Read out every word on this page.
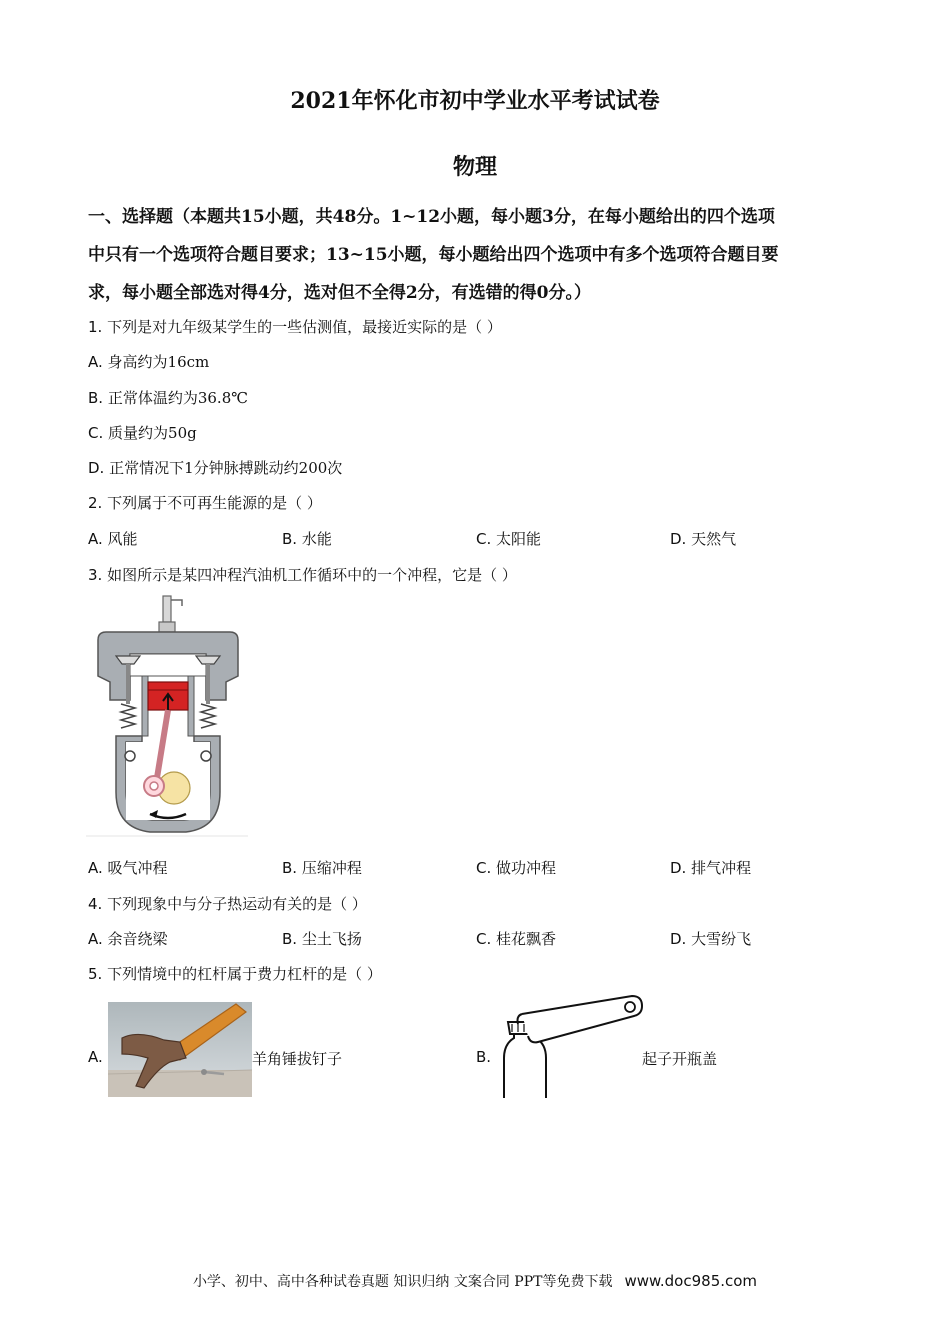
2021年怀化市初中学业水平考试试卷
物理
一、选择题（本题共15小题，共48分。1~12小题，每小题3分，在每小题给出的四个选项
中只有一个选项符合题目要求；13~15小题，每小题给出四个选项中有多个选项符合题目要
求，每小题全部选对得4分，选对但不全得2分，有选错的得0分。）
1. 下列是对九年级某学生的一些估测值，最接近实际的是（ ）
A. 身高约为16cm
B. 正常体温约为36.8℃
C. 质量约为50g
D. 正常情况下1分钟脉搏跳动约200次
2. 下列属于不可再生能源的是（ ）
A. 风能	B. 水能	C. 太阳能	D. 天然气
3. 如图所示是某四冲程汽油机工作循环中的一个冲程，它是（ ）
A. 吸气冲程	B. 压缩冲程	C. 做功冲程	D. 排气冲程
4. 下列现象中与分子热运动有关的是（ ）
A. 余音绕梁	B. 尘土飞扬	C. 桂花飘香	D. 大雪纷飞
5. 下列情境中的杠杆属于费力杠杆的是（ ）
A.	羊角锤拔钉子	B.	起子开瓶盖
小学、初中、高中各种试卷真题 知识归纳 文案合同 PPT等免费下载 www.doc985.com
